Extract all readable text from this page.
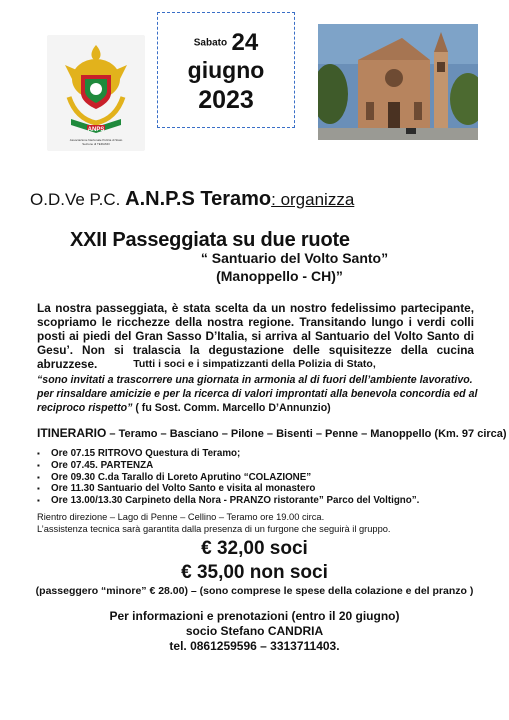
ANPS
Associazione Nazionale Polizia di Stato
Sezione di TERAMO
Sabato 24
giugno
2023
O.D.Ve P.C. A.N.P.S Teramo: organizza
XXII Passeggiata su due ruote
“ Santuario del Volto Santo”
(Manoppello - CH)”
La nostra passeggiata, è stata scelta da un nostro fedelissimo partecipante, scopriamo le ricchezze della nostra regione. Transitando lungo i verdi colli posti ai piedi del Gran Sasso D’Italia, si arriva al Santuario del Volto Santo di Gesu’. Non si tralascia la degustazione delle squisitezze della cucina abruzzese.	Tutti i soci e i simpatizzanti della Polizia di Stato,
“sono invitati a trascorrere una giornata in armonia al di fuori dell’ambiente lavorativo. per rinsaldare amicizie e per la ricerca di valori improntati alla benevola concordia ed al reciproco rispetto” ( fu Sost. Comm. Marcello D’Annunzio)
ITINERARIO – Teramo – Basciano – Pilone – Bisenti – Penne – Manoppello (Km. 97 circa)
▪ Ore 07.15 RITROVO Questura di Teramo;
▪ Ore 07.45. PARTENZA
▪ Ore 09.30 C.da Tarallo di Loreto Aprutino “COLAZIONE”
▪ Ore 11.30 Santuario del Volto Santo e visita al monastero
▪ Ore 13.00/13.30 Carpineto della Nora - PRANZO ristorante” Parco del Voltigno”.
Rientro direzione – Lago di Penne – Cellino – Teramo ore 19.00 circa.
L’assistenza tecnica sarà garantita dalla presenza di un furgone che seguirà il gruppo.
€ 32,00 soci
€ 35,00 non soci
(passeggero “minore” € 28.00) – (sono comprese le spese della colazione e del pranzo )
Per informazioni e prenotazioni (entro il 20 giugno)
socio Stefano CANDRIA
tel. 0861259596 – 3313711403.
